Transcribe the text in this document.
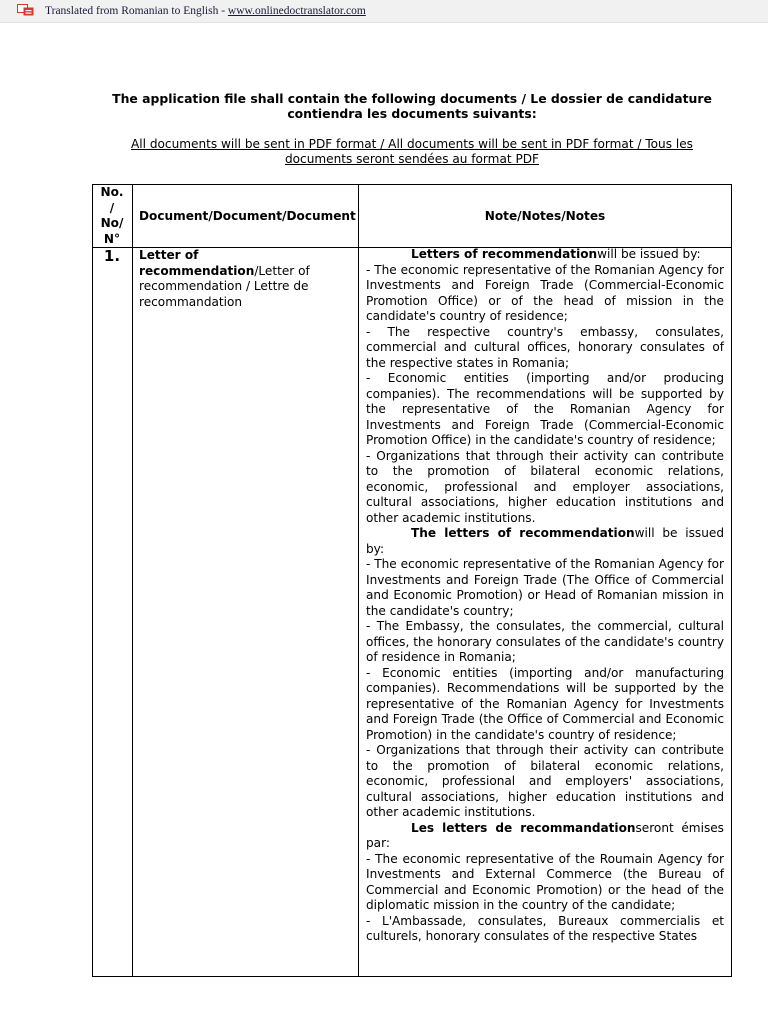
Translated from Romanian to English - www.onlinedoctranslator.com
The application file shall contain the following documents / Le dossier de candidature contiendra les documents suivants:
All documents will be sent in PDF format / All documents will be sent in PDF format / Tous les documents seront sendées au format PDF
No.
/
No/
N°
Document/Document/Document	Note/Notes/Notes
1.	Letter of recommendation/Letter of recommendation / Lettre de recommandation

Letters of recommendationwill be issued by:

- The economic representative of the Romanian Agency for Investments and Foreign Trade (Commercial-Economic Promotion Office) or of the head of mission in the candidate's country of residence;

- The respective country's embassy, consulates, commercial and cultural offices, honorary consulates of the respective states in Romania;

- Economic entities (importing and/or producing companies). The recommendations will be supported by the representative of the Romanian Agency for Investments and Foreign Trade (Commercial-Economic Promotion Office) in the candidate's country of residence;

- Organizations that through their activity can contribute to the promotion of bilateral economic relations, economic, professional and employer associations, cultural associations, higher education institutions and other academic institutions.

The letters of recommendationwill be issued by:

- The economic representative of the Romanian Agency for Investments and Foreign Trade (The Office of Commercial and Economic Promotion) or Head of Romanian mission in the candidate's country;

- The Embassy, the consulates, the commercial, cultural offices, the honorary consulates of the candidate's country of residence in Romania;

- Economic entities (importing and/or manufacturing companies). Recommendations will be supported by the representative of the Romanian Agency for Investments and Foreign Trade (the Office of Commercial and Economic Promotion) in the candidate's country of residence;

- Organizations that through their activity can contribute to the promotion of bilateral economic relations, economic, professional and employers' associations, cultural associations, higher education institutions and other academic institutions.

Les letters de recommandationseront émises par:

- The economic representative of the Roumain Agency for Investments and External Commerce (the Bureau of Commercial and Economic Promotion) or the head of the diplomatic mission in the country of the candidate;

- L'Ambassade, consulates, Bureaux commercialis et culturels, honorary consulates of the respective States
